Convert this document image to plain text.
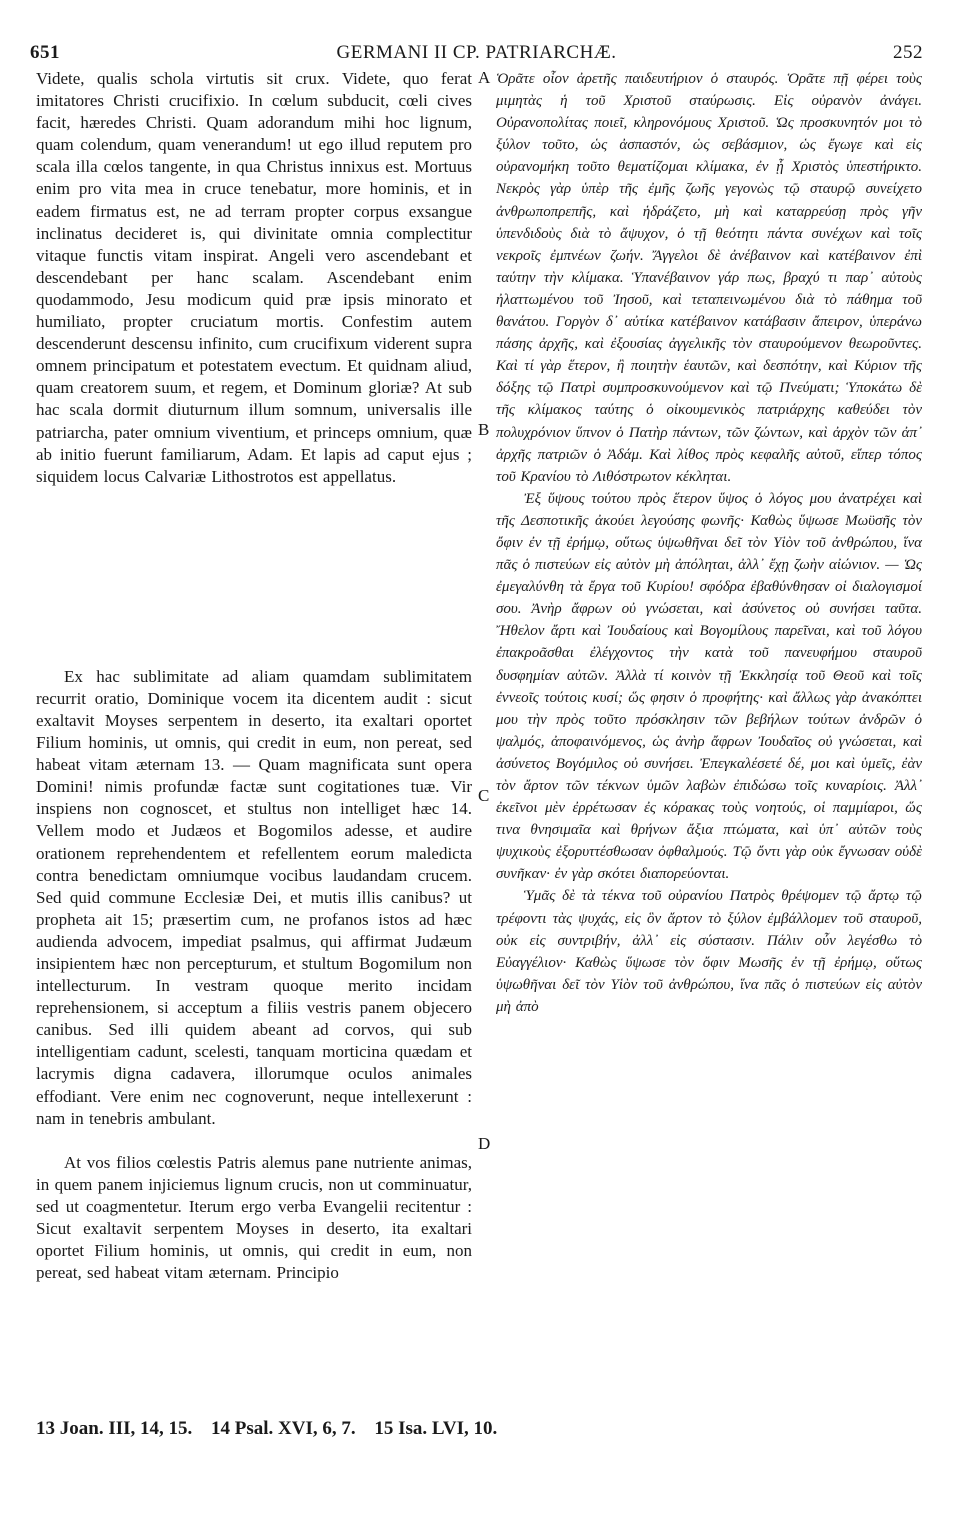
651	GERMANI II CP. PATRIARCHÆ.	252

Videte, qualis schola virtutis sit crux. Videte, quo ferat imitatores Christi crucifixio. In cœlum subducit, cœli cives facit, hæredes Christi. Quam adorandum mihi hoc lignum, quam colendum, quam venerandum! ut ego illud reputem pro scala illa cœlos tangente, in qua Christus innixus est. Mortuus enim pro vita mea in cruce tenebatur, more hominis, et in eadem firmatus est, ne ad terram propter corpus exsangue inclinatus decideret is, qui divinitate omnia complectitur vitaque functis vitam inspirat. Angeli vero ascendebant et descendebant per hanc scalam. Ascendebant enim quodammodo, Jesu modicum quid præ ipsis minorato et humiliato, propter cruciatum mortis. Confestim autem descenderunt descensu infinito, cum crucifixum viderent supra omnem principatum et potestatem evectum. Et quidnam aliud, quam creatorem suum, et regem, et Dominum gloriæ? At sub hac scala dormit diuturnum illum somnum, universalis ille patriarcha, pater omnium viventium, et princeps omnium, quæ ab initio fuerunt familiarum, Adam. Et lapis ad caput ejus ; siquidem locus Calvariæ Lithostrotos est appellatus.

Ex hac sublimitate ad aliam quamdam sublimitatem recurrit oratio, Dominique vocem ita dicentem audit : sicut exaltavit Moyses serpentem in deserto, ita exaltari oportet Filium hominis, ut omnis, qui credit in eum, non pereat, sed habeat vitam æternam 13. — Quam magnificata sunt opera Domini! nimis profundæ factæ sunt cogitationes tuæ. Vir inspiens non cognoscet, et stultus non intelliget hæc 14. Vellem modo et Judæos et Bogomilos adesse, et audire orationem reprehendentem et refellentem eorum maledicta contra benedictam omniumque vocibus laudandam crucem. Sed quid commune Ecclesiæ Dei, et mutis illis canibus? ut propheta ait 15; præsertim cum, ne profanos istos ad hæc audienda advocem, impediat psalmus, qui affirmat Judæum insipientem hæc non percepturum, et stultum Bogomilum non intellecturum. In vestram quoque merito incidam reprehensionem, si acceptum a filiis vestris panem objecero canibus. Sed illi quidem abeant ad corvos, qui sub intelligentiam cadunt, scelesti, tanquam morticina quædam et lacrymis digna cadavera, illorumque oculos animales effodiant. Vere enim nec cognoverunt, neque intellexerunt : nam in tenebris ambulant.

At vos filios cœlestis Patris alemus pane nutriente animas, in quem panem injiciemus lignum crucis, non ut comminuatur, sed ut coagmentetur. Iterum ergo verba Evangelii recitentur : Sicut exaltavit serpentem Moyses in deserto, ita exaltari oportet Filium hominis, ut omnis, qui credit in eum, non pereat, sed habeat vitam æternam. Principio

A
B
C
D

Ὁρᾶτε οἷον ἀρετῆς παιδευτήριον ὁ σταυρός. Ὁρᾶτε πῇ φέρει τοὺς μιμητὰς ἡ τοῦ Χριστοῦ σταύρωσις. Εἰς οὐρανὸν ἀνάγει. Οὐρανοπολίτας ποιεῖ, κληρονόμους Χριστοῦ. Ὡς προσκυνητόν μοι τὸ ξύλον τοῦτο, ὡς ἀσπαστόν, ὡς σεβάσμιον, ὡς ἔγωγε καὶ εἰς οὐρανομήκη τοῦτο θεματίζομαι κλίμακα, ἐν ᾗ Χριστὸς ὑπεστήρικτο. Νεκρὸς γὰρ ὑπὲρ τῆς ἐμῆς ζωῆς γεγονὼς τῷ σταυρῷ συνείχετο ἀνθρωποπρεπῆς, καὶ ἡδράζετο, μὴ καὶ καταρρεύσῃ πρὸς γῆν ὑπενδιδοὺς διὰ τὸ ἄψυχον, ὁ τῇ θεότητι πάντα συνέχων καὶ τοῖς νεκροῖς ἐμπνέων ζωήν. Ἄγγελοι δὲ ἀνέβαινον καὶ κατέβαινον ἐπὶ ταύτην τὴν κλίμακα. Ὑπανέβαινον γάρ πως, βραχύ τι παρ᾽ αὐτοὺς ἠλαττωμένου τοῦ Ἰησοῦ, καὶ τεταπεινωμένου διὰ τὸ πάθημα τοῦ θανάτου. Γοργὸν δ᾽ αὐτίκα κατέβαινον κατάβασιν ἄπειρον, ὑπεράνω πάσης ἀρχῆς, καὶ ἐξουσίας ἀγγελικῆς τὸν σταυρούμενον θεωροῦντες. Καὶ τί γὰρ ἕτερον, ἢ ποιητὴν ἑαυτῶν, καὶ δεσπότην, καὶ Κύριον τῆς δόξης τῷ Πατρὶ συμπροσκυνούμενον καὶ τῷ Πνεύματι; Ὑποκάτω δὲ τῆς κλίμακος ταύτης ὁ οἰκουμενικὸς πατριάρχης καθεύδει τὸν πολυχρόνιον ὕπνον ὁ Πατὴρ πάντων, τῶν ζώντων, καὶ ἀρχὸν τῶν ἀπ᾽ ἀρχῆς πατριῶν ὁ Ἀδάμ. Καὶ λίθος πρὸς κεφαλῆς αὐτοῦ, εἴπερ τόπος τοῦ Κρανίου τὸ Λιθόστρωτον κέκληται.

Ἐξ ὕψους τούτου πρὸς ἕτερον ὕψος ὁ λόγος μου ἀνατρέχει καὶ τῆς Δεσποτικῆς ἀκούει λεγούσης φωνῆς· Καθὼς ὕψωσε Μωϋσῆς τὸν ὄφιν ἐν τῇ ἐρήμῳ, οὕτως ὑψωθῆναι δεῖ τὸν Υἱὸν τοῦ ἀνθρώπου, ἵνα πᾶς ὁ πιστεύων εἰς αὐτὸν μὴ ἀπόληται, ἀλλ᾽ ἔχῃ ζωὴν αἰώνιον. — Ὡς ἐμεγαλύνθη τὰ ἔργα τοῦ Κυρίου! σφόδρα ἐβαθύνθησαν οἱ διαλογισμοί σου. Ἀνὴρ ἄφρων οὐ γνώσεται, καὶ ἀσύνετος οὐ συνήσει ταῦτα. Ἤθελον ἄρτι καὶ Ἰουδαίους καὶ Βογομίλους παρεῖναι, καὶ τοῦ λόγου ἐπακροᾶσθαι ἐλέγχοντος τὴν κατὰ τοῦ πανευφήμου σταυροῦ δυσφημίαν αὐτῶν. Ἀλλὰ τί κοινὸν τῇ Ἐκκλησίᾳ τοῦ Θεοῦ καὶ τοῖς ἐννεοῖς τούτοις κυσί; ὥς φησιν ὁ προφήτης· καὶ ἄλλως γὰρ ἀνακόπτει μου τὴν πρὸς τοῦτο πρόσκλησιν τῶν βεβήλων τούτων ἀνδρῶν ὁ ψαλμός, ἀποφαινόμενος, ὡς ἀνὴρ ἄφρων Ἰουδαῖος οὐ γνώσεται, καὶ ἀσύνετος Βογόμιλος οὐ συνήσει. Ἐπεγκαλέσετέ δέ, μοι καὶ ὑμεῖς, ἐὰν τὸν ἄρτον τῶν τέκνων ὑμῶν λαβὼν ἐπιδώσω τοῖς κυναρίοις. Ἀλλ᾽ ἐκεῖνοι μὲν ἐρρέτωσαν ἐς κόρακας τοὺς νοητούς, οἱ παμμίαροι, ὥς τινα θνησιμαῖα καὶ θρήνων ἄξια πτώματα, καὶ ὑπ᾽ αὐτῶν τοὺς ψυχικοὺς ἐξορυττέσθωσαν ὀφθαλμούς. Τῷ ὄντι γὰρ οὐκ ἔγνωσαν οὐδὲ συνῆκαν· ἐν γὰρ σκότει διαπορεύονται.

Ὑμᾶς δὲ τὰ τέκνα τοῦ οὐρανίου Πατρὸς θρέψομεν τῷ ἄρτῳ τῷ τρέφοντι τὰς ψυχάς, εἰς ὃν ἄρτον τὸ ξύλον ἐμβάλλομεν τοῦ σταυροῦ, οὐκ εἰς συντριβήν, ἀλλ᾽ εἰς σύστασιν. Πάλιν οὖν λεγέσθω τὸ Εὐαγγέλιον· Καθὼς ὕψωσε τὸν ὄφιν Μωσῆς ἐν τῇ ἐρήμῳ, οὕτως ὑψωθῆναι δεῖ τὸν Υἱὸν τοῦ ἀνθρώπου, ἵνα πᾶς ὁ πιστεύων εἰς αὐτὸν μὴ ἀπὸ

13 Joan. III, 14, 15. 14 Psal. XVI, 6, 7. 15 Isa. LVI, 10.
